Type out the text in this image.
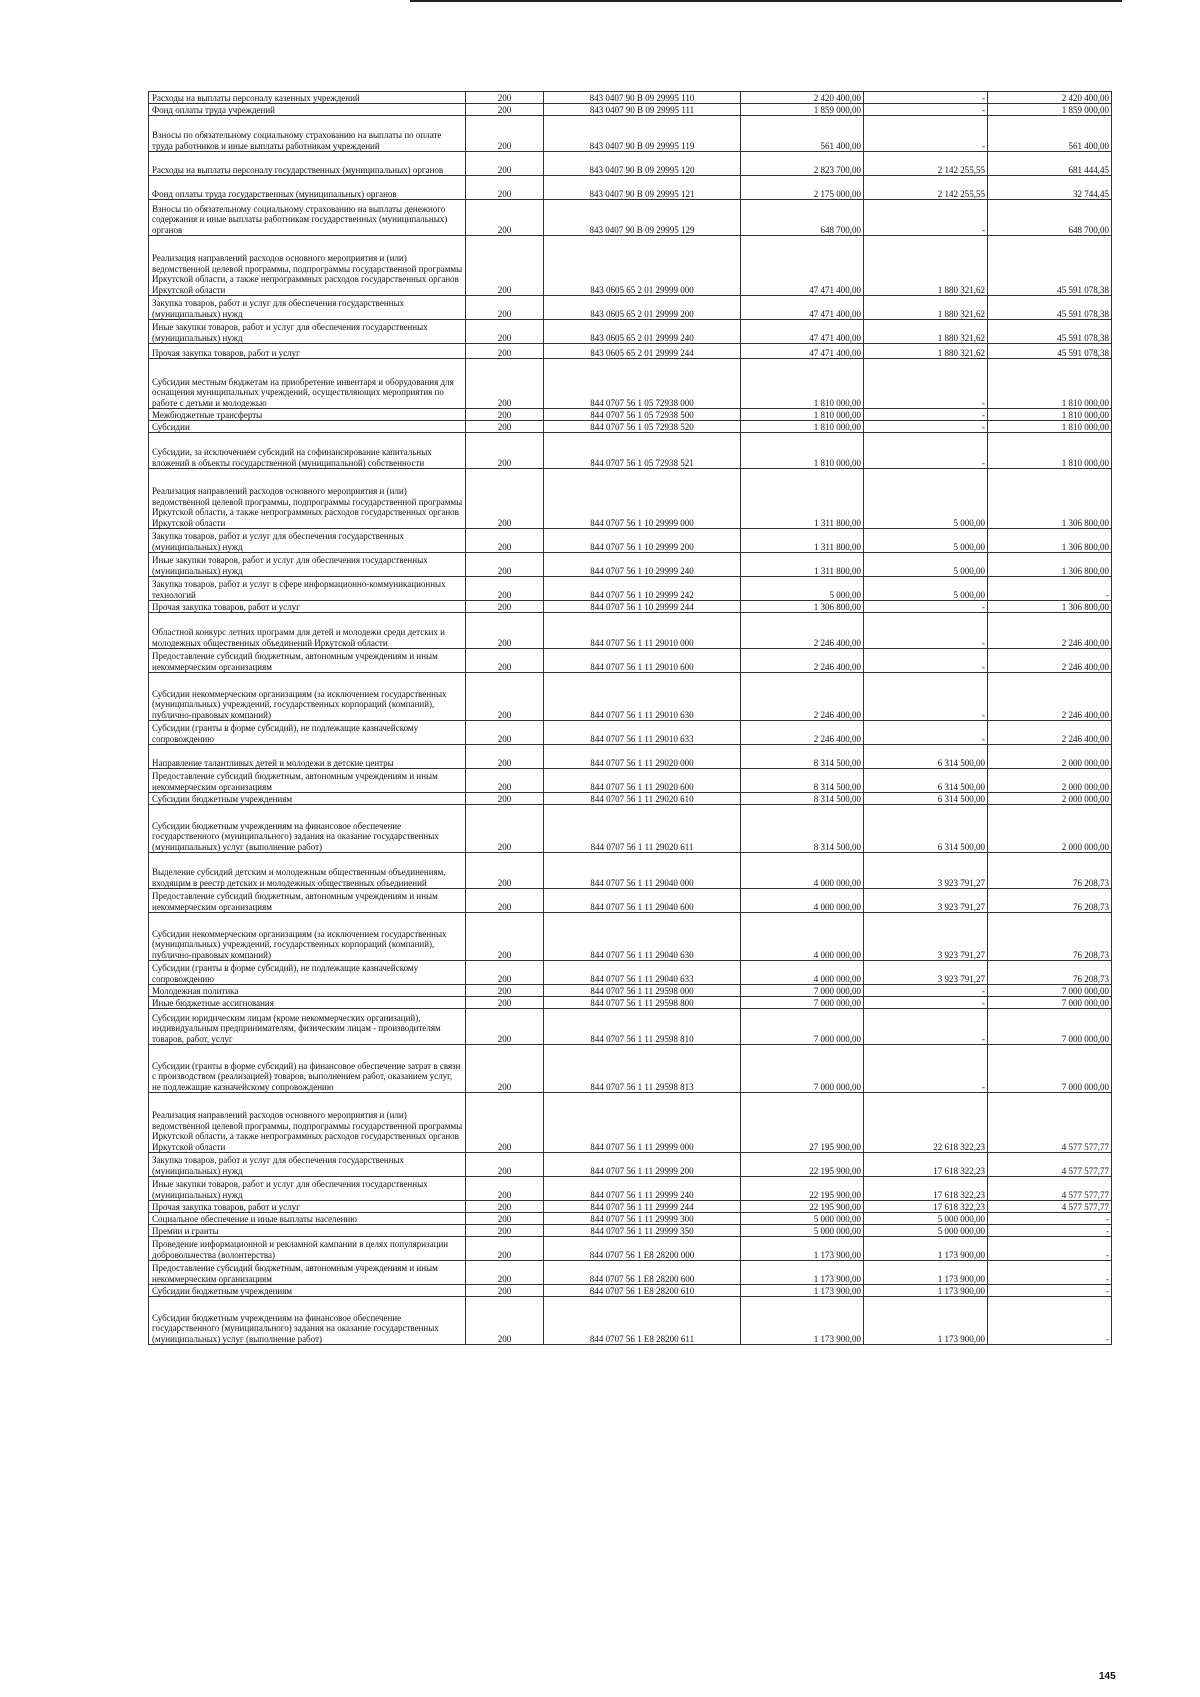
Расходы на выплаты персоналу казенных учреждений	200	843 0407 90 В 09 29995 110	2 420 400,00	-	2 420 400,00
Фонд оплаты труда учреждений	200	843 0407 90 В 09 29995 111	1 859 000,00	-	1 859 000,00
Взносы по обязательному социальному страхованию на выплаты по оплате труда работников и иные выплаты работникам учреждений	200	843 0407 90 В 09 29995 119	561 400,00	-	561 400,00
Расходы на выплаты персоналу государственных (муниципальных) органов	200	843 0407 90 В 09 29995 120	2 823 700,00	2 142 255,55	681 444,45
Фонд оплаты труда государственных (муниципальных) органов	200	843 0407 90 В 09 29995 121	2 175 000,00	2 142 255,55	32 744,45
Взносы по обязательному социальному страхованию на выплаты денежного содержания и иные выплаты работникам государственных (муниципальных) органов	200	843 0407 90 В 09 29995 129	648 700,00	-	648 700,00
Реализация направлений расходов основного мероприятия и (или) ведомственной целевой программы, подпрограммы государственной программы Иркутской области, а также непрограммных расходов государственных органов Иркутской области	200	843 0605 65 2 01 29999 000	47 471 400,00	1 880 321,62	45 591 078,38
Закупка товаров, работ и услуг для обеспечения государственных (муниципальных) нужд	200	843 0605 65 2 01 29999 200	47 471 400,00	1 880 321,62	45 591 078,38
Иные закупки товаров, работ и услуг для обеспечения государственных (муниципальных) нужд	200	843 0605 65 2 01 29999 240	47 471 400,00	1 880 321,62	45 591 078,38
Прочая закупка товаров, работ и услуг	200	843 0605 65 2 01 29999 244	47 471 400,00	1 880 321,62	45 591 078,38
Субсидии местным бюджетам на приобретение инвентаря и оборудования для оснащения муниципальных учреждений, осуществляющих мероприятия по работе с детьми и молодежью	200	844 0707 56 1 05 72938 000	1 810 000,00	-	1 810 000,00
Межбюджетные трансферты	200	844 0707 56 1 05 72938 500	1 810 000,00	-	1 810 000,00
Субсидии	200	844 0707 56 1 05 72938 520	1 810 000,00	-	1 810 000,00
Субсидии, за исключением субсидий на софинансирование капитальных вложений в объекты государственной (муниципальной) собственности	200	844 0707 56 1 05 72938 521	1 810 000,00	-	1 810 000,00
Реализация направлений расходов основного мероприятия и (или) ведомственной целевой программы, подпрограммы государственной программы Иркутской области, а также непрограммных расходов государственных органов Иркутской области	200	844 0707 56 1 10 29999 000	1 311 800,00	5 000,00	1 306 800,00
Закупка товаров, работ и услуг для обеспечения государственных (муниципальных) нужд	200	844 0707 56 1 10 29999 200	1 311 800,00	5 000,00	1 306 800,00
Иные закупки товаров, работ и услуг для обеспечения государственных (муниципальных) нужд	200	844 0707 56 1 10 29999 240	1 311 800,00	5 000,00	1 306 800,00
Закупка товаров, работ и услуг в сфере информационно-коммуникационных технологий	200	844 0707 56 1 10 29999 242	5 000,00	5 000,00	-
Прочая закупка товаров, работ и услуг	200	844 0707 56 1 10 29999 244	1 306 800,00	-	1 306 800,00
Областной конкурс летних программ для детей и молодежи среди детских и молодежных общественных объединений Иркутской области	200	844 0707 56 1 11 29010 000	2 246 400,00	-	2 246 400,00
Предоставление субсидий бюджетным, автономным учреждениям и иным некоммерческим организациям	200	844 0707 56 1 11 29010 600	2 246 400,00	-	2 246 400,00
Субсидии некоммерческим организациям (за исключением государственных (муниципальных) учреждений, государственных корпораций (компаний), публично-правовых компаний)	200	844 0707 56 1 11 29010 630	2 246 400,00	-	2 246 400,00
Субсидии (гранты в форме субсидий), не подлежащие казначейскому сопровождению	200	844 0707 56 1 11 29010 633	2 246 400,00	-	2 246 400,00
Направление талантливых детей и молодежи в детские центры	200	844 0707 56 1 11 29020 000	8 314 500,00	6 314 500,00	2 000 000,00
Предоставление субсидий бюджетным, автономным учреждениям и иным некоммерческим организациям	200	844 0707 56 1 11 29020 600	8 314 500,00	6 314 500,00	2 000 000,00
Субсидии бюджетным учреждениям	200	844 0707 56 1 11 29020 610	8 314 500,00	6 314 500,00	2 000 000,00
Субсидии бюджетным учреждениям на финансовое обеспечение государственного (муниципального) задания на оказание государственных (муниципальных) услуг (выполнение работ)	200	844 0707 56 1 11 29020 611	8 314 500,00	6 314 500,00	2 000 000,00
Выделение субсидий детским и молодежным общественным объединениям, входящим в реестр детских и молодежных общественных объединений	200	844 0707 56 1 11 29040 000	4 000 000,00	3 923 791,27	76 208,73
Предоставление субсидий бюджетным, автономным учреждениям и иным некоммерческим организациям	200	844 0707 56 1 11 29040 600	4 000 000,00	3 923 791,27	76 208,73
Субсидии некоммерческим организациям (за исключением государственных (муниципальных) учреждений, государственных корпораций (компаний), публично-правовых компаний)	200	844 0707 56 1 11 29040 630	4 000 000,00	3 923 791,27	76 208,73
Субсидии (гранты в форме субсидий), не подлежащие казначейскому сопровождению	200	844 0707 56 1 11 29040 633	4 000 000,00	3 923 791,27	76 208,73
Молодежная политика	200	844 0707 56 1 11 29598 000	7 000 000,00	-	7 000 000,00
Иные бюджетные ассигнования	200	844 0707 56 1 11 29598 800	7 000 000,00	-	7 000 000,00
Субсидии юридическим лицам (кроме некоммерческих организаций), индивидуальным предпринимателям, физическим лицам - производителям товаров, работ, услуг	200	844 0707 56 1 11 29598 810	7 000 000,00	-	7 000 000,00
Субсидии (гранты в форме субсидий) на финансовое обеспечение затрат в связи с производством (реализацией) товаров, выполнением работ, оказанием услуг, не подлежащие казначейскому сопровождению	200	844 0707 56 1 11 29598 813	7 000 000,00	-	7 000 000,00
Реализация направлений расходов основного мероприятия и (или) ведомственной целевой программы, подпрограммы государственной программы Иркутской области, а также непрограммных расходов государственных органов Иркутской области	200	844 0707 56 1 11 29999 000	27 195 900,00	22 618 322,23	4 577 577,77
Закупка товаров, работ и услуг для обеспечения государственных (муниципальных) нужд	200	844 0707 56 1 11 29999 200	22 195 900,00	17 618 322,23	4 577 577,77
Иные закупки товаров, работ и услуг для обеспечения государственных (муниципальных) нужд	200	844 0707 56 1 11 29999 240	22 195 900,00	17 618 322,23	4 577 577,77
Прочая закупка товаров, работ и услуг	200	844 0707 56 1 11 29999 244	22 195 900,00	17 618 322,23	4 577 577,77
Социальное обеспечение и иные выплаты населению	200	844 0707 56 1 11 29999 300	5 000 000,00	5 000 000,00	-
Премии и гранты	200	844 0707 56 1 11 29999 350	5 000 000,00	5 000 000,00	-
Проведение информационной и рекламной кампании в целях популяризации добровольчества (волонтерства)	200	844 0707 56 1 E8 28200 000	1 173 900,00	1 173 900,00	-
Предоставление субсидий бюджетным, автономным учреждениям и иным некоммерческим организациям	200	844 0707 56 1 E8 28200 600	1 173 900,00	1 173 900,00	-
Субсидии бюджетным учреждениям	200	844 0707 56 1 E8 28200 610	1 173 900,00	1 173 900,00	-
Субсидии бюджетным учреждениям на финансовое обеспечение государственного (муниципального) задания на оказание государственных (муниципальных) услуг (выполнение работ)	200	844 0707 56 1 E8 28200 611	1 173 900,00	1 173 900,00	-
145
